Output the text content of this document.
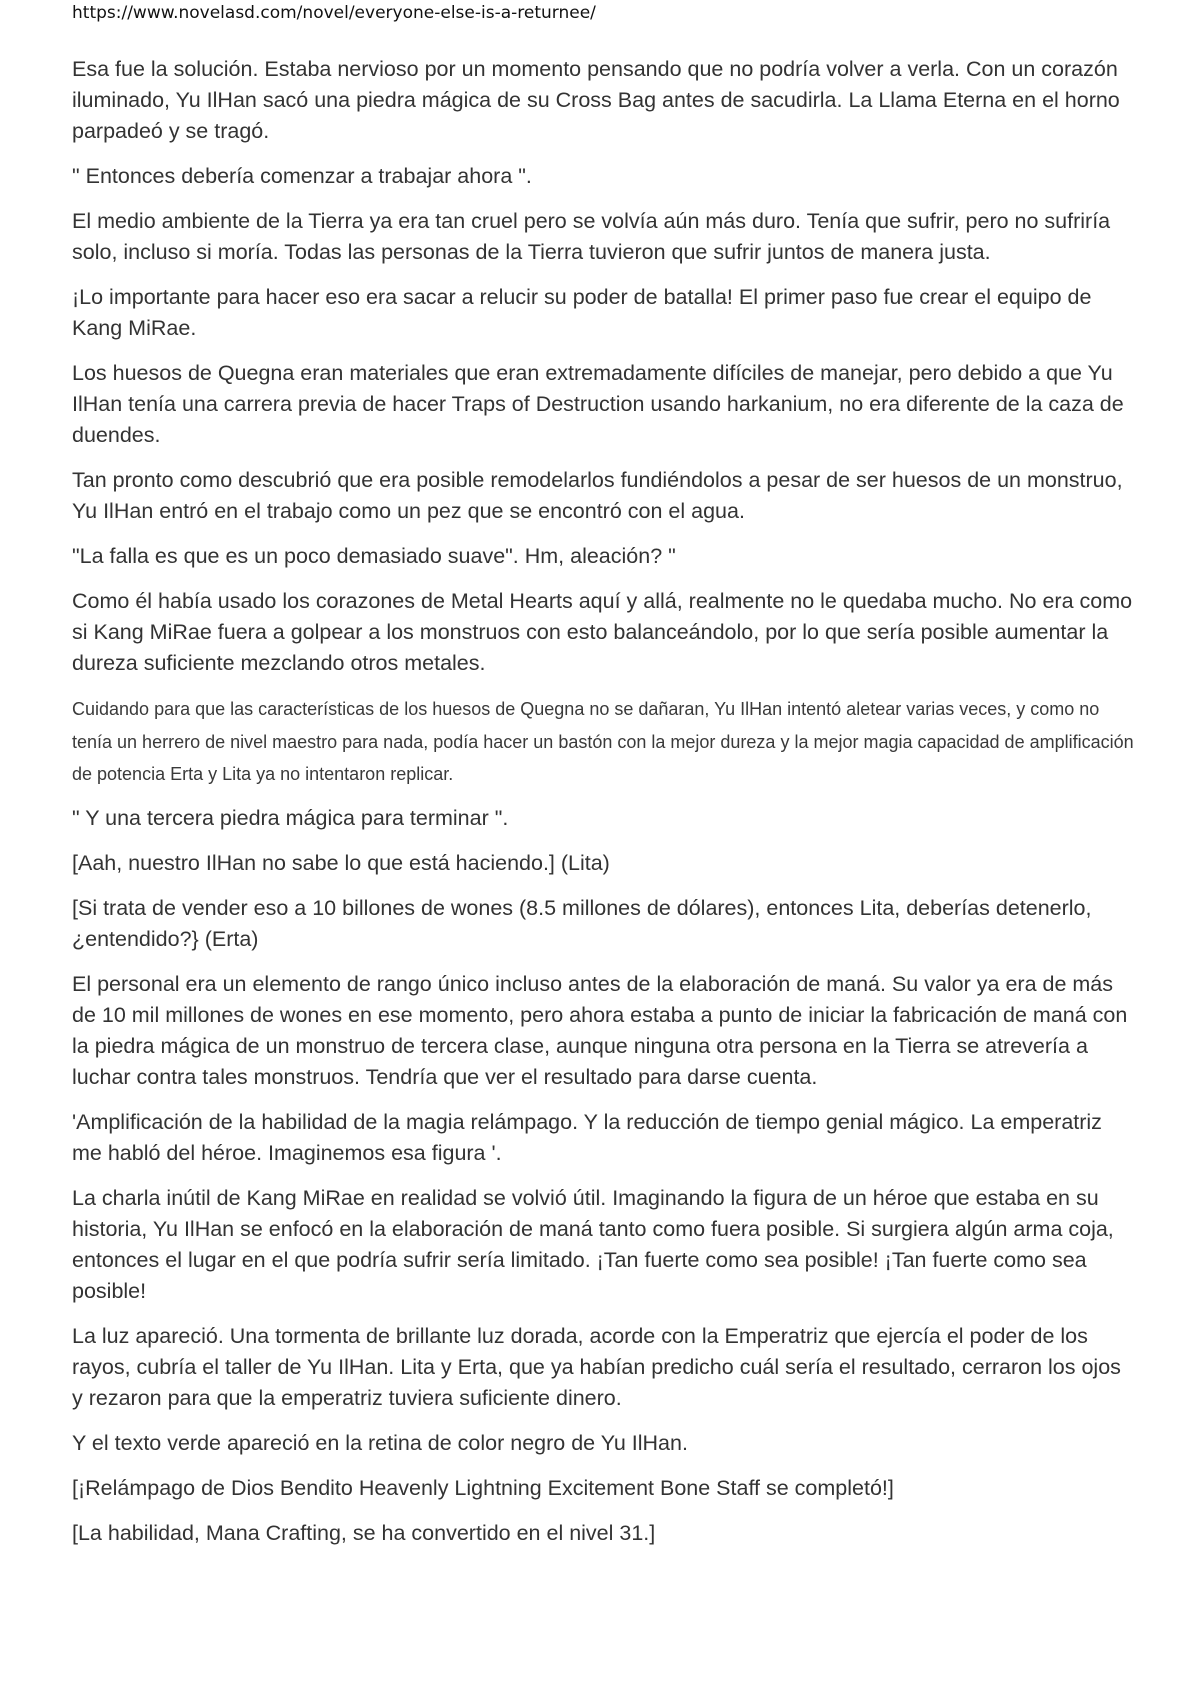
https://www.novelasd.com/novel/everyone-else-is-a-returnee/

Esa fue la solución. Estaba nervioso por un momento pensando que no podría volver a verla. Con un corazón iluminado, Yu IlHan sacó una piedra mágica de su Cross Bag antes de sacudirla. La Llama Eterna en el horno parpadeó y se tragó.

" Entonces debería comenzar a trabajar ahora ".

El medio ambiente de la Tierra ya era tan cruel pero se volvía aún más duro. Tenía que sufrir, pero no sufriría solo, incluso si moría. Todas las personas de la Tierra tuvieron que sufrir juntos de manera justa.

¡Lo importante para hacer eso era sacar a relucir su poder de batalla! El primer paso fue crear el equipo de Kang MiRae.

Los huesos de Quegna eran materiales que eran extremadamente difíciles de manejar, pero debido a que Yu IlHan tenía una carrera previa de hacer Traps of Destruction usando harkanium, no era diferente de la caza de duendes.

Tan pronto como descubrió que era posible remodelarlos fundiéndolos a pesar de ser huesos de un monstruo, Yu IlHan entró en el trabajo como un pez que se encontró con el agua.

"La falla es que es un poco demasiado suave". Hm, aleación? "

Como él había usado los corazones de Metal Hearts aquí y allá, realmente no le quedaba mucho. No era como si Kang MiRae fuera a golpear a los monstruos con esto balanceándolo, por lo que sería posible aumentar la dureza suficiente mezclando otros metales.

Cuidando para que las características de los huesos de Quegna no se dañaran, Yu IlHan intentó aletear varias veces, y como no tenía un herrero de nivel maestro para nada, podía hacer un bastón con la mejor dureza y la mejor magia capacidad de amplificación de potencia Erta y Lita ya no intentaron replicar.

" Y una tercera piedra mágica para terminar ".

[Aah, nuestro IlHan no sabe lo que está haciendo.] (Lita)

[Si trata de vender eso a 10 billones de wones (8.5 millones de dólares), entonces Lita, deberías detenerlo, ¿entendido?} (Erta)

El personal era un elemento de rango único incluso antes de la elaboración de maná. Su valor ya era de más de 10 mil millones de wones en ese momento, pero ahora estaba a punto de iniciar la fabricación de maná con la piedra mágica de un monstruo de tercera clase, aunque ninguna otra persona en la Tierra se atrevería a luchar contra tales monstruos. Tendría que ver el resultado para darse cuenta.

'Amplificación de la habilidad de la magia relámpago. Y la reducción de tiempo genial mágico. La emperatriz me habló del héroe. Imaginemos esa figura '.

La charla inútil de Kang MiRae en realidad se volvió útil. Imaginando la figura de un héroe que estaba en su historia, Yu IlHan se enfocó en la elaboración de maná tanto como fuera posible. Si surgiera algún arma coja, entonces el lugar en el que podría sufrir sería limitado. ¡Tan fuerte como sea posible! ¡Tan fuerte como sea posible!

La luz apareció. Una tormenta de brillante luz dorada, acorde con la Emperatriz que ejercía el poder de los rayos, cubría el taller de Yu IlHan. Lita y Erta, que ya habían predicho cuál sería el resultado, cerraron los ojos y rezaron para que la emperatriz tuviera suficiente dinero.

Y el texto verde apareció en la retina de color negro de Yu IlHan.

[¡Relámpago de Dios Bendito Heavenly Lightning Excitement Bone Staff se completó!]

[La habilidad, Mana Crafting, se ha convertido en el nivel 31.]
